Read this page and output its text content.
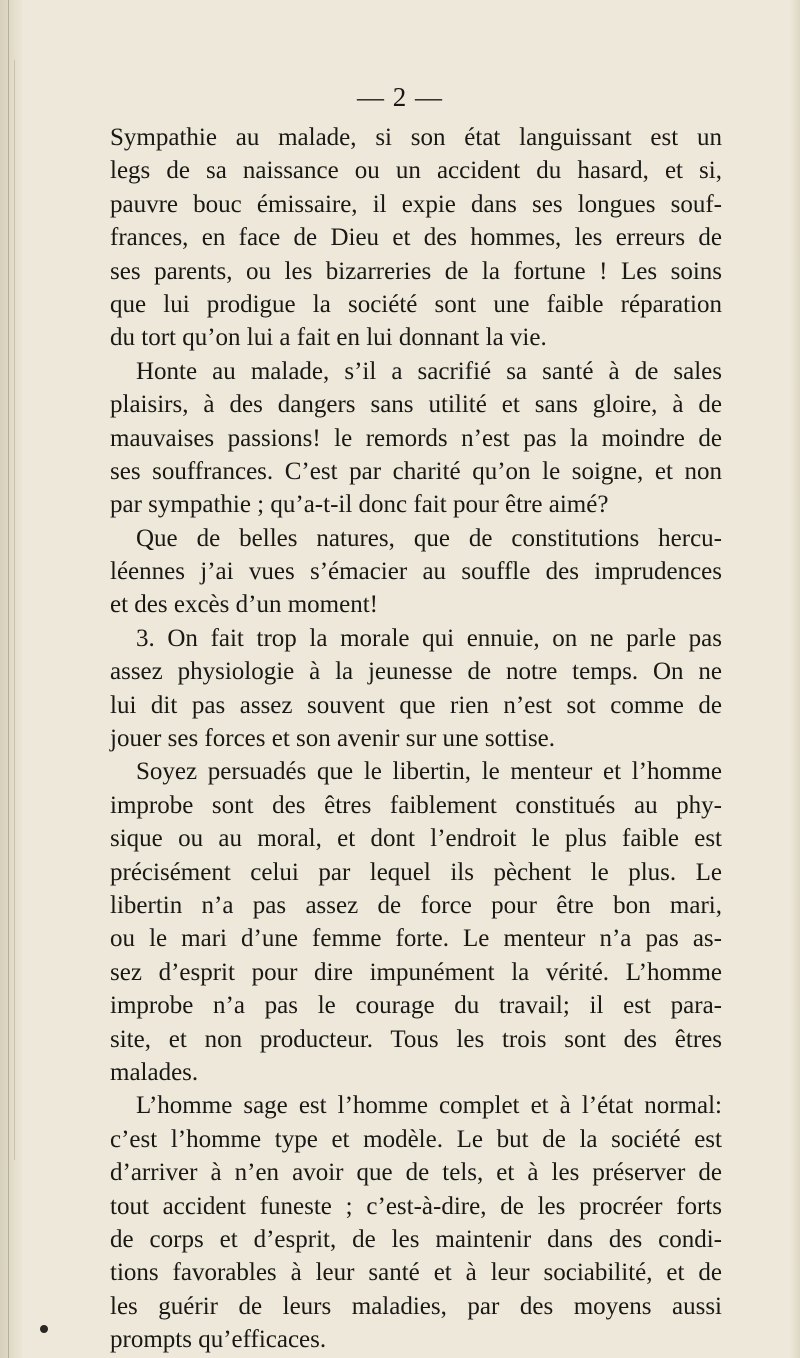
— 2 —
Sympathie au malade, si son état languissant est un
legs de sa naissance ou un accident du hasard, et si,
pauvre bouc émissaire, il expie dans ses longues souf-
frances, en face de Dieu et des hommes, les erreurs de
ses parents, ou les bizarreries de la fortune ! Les soins
que lui prodigue la société sont une faible réparation
du tort qu’on lui a fait en lui donnant la vie.
Honte au malade, s’il a sacrifié sa santé à de sales
plaisirs, à des dangers sans utilité et sans gloire, à de
mauvaises passions! le remords n’est pas la moindre de
ses souffrances. C’est par charité qu’on le soigne, et non
par sympathie ; qu’a-t-il donc fait pour être aimé?
Que de belles natures, que de constitutions hercu-
léennes j’ai vues s’émacier au souffle des imprudences
et des excès d’un moment!
3. On fait trop la morale qui ennuie, on ne parle pas
assez physiologie à la jeunesse de notre temps. On ne
lui dit pas assez souvent que rien n’est sot comme de
jouer ses forces et son avenir sur une sottise.
Soyez persuadés que le libertin, le menteur et l’homme
improbe sont des êtres faiblement constitués au phy-
sique ou au moral, et dont l’endroit le plus faible est
précisément celui par lequel ils pèchent le plus. Le
libertin n’a pas assez de force pour être bon mari,
ou le mari d’une femme forte. Le menteur n’a pas as-
sez d’esprit pour dire impunément la vérité. L’homme
improbe n’a pas le courage du travail; il est para-
site, et non producteur. Tous les trois sont des êtres
malades.
L’homme sage est l’homme complet et à l’état normal:
c’est l’homme type et modèle. Le but de la société est
d’arriver à n’en avoir que de tels, et à les préserver de
tout accident funeste ; c’est-à-dire, de les procréer forts
de corps et d’esprit, de les maintenir dans des condi-
tions favorables à leur santé et à leur sociabilité, et de
les guérir de leurs maladies, par des moyens aussi
prompts qu’efficaces.
